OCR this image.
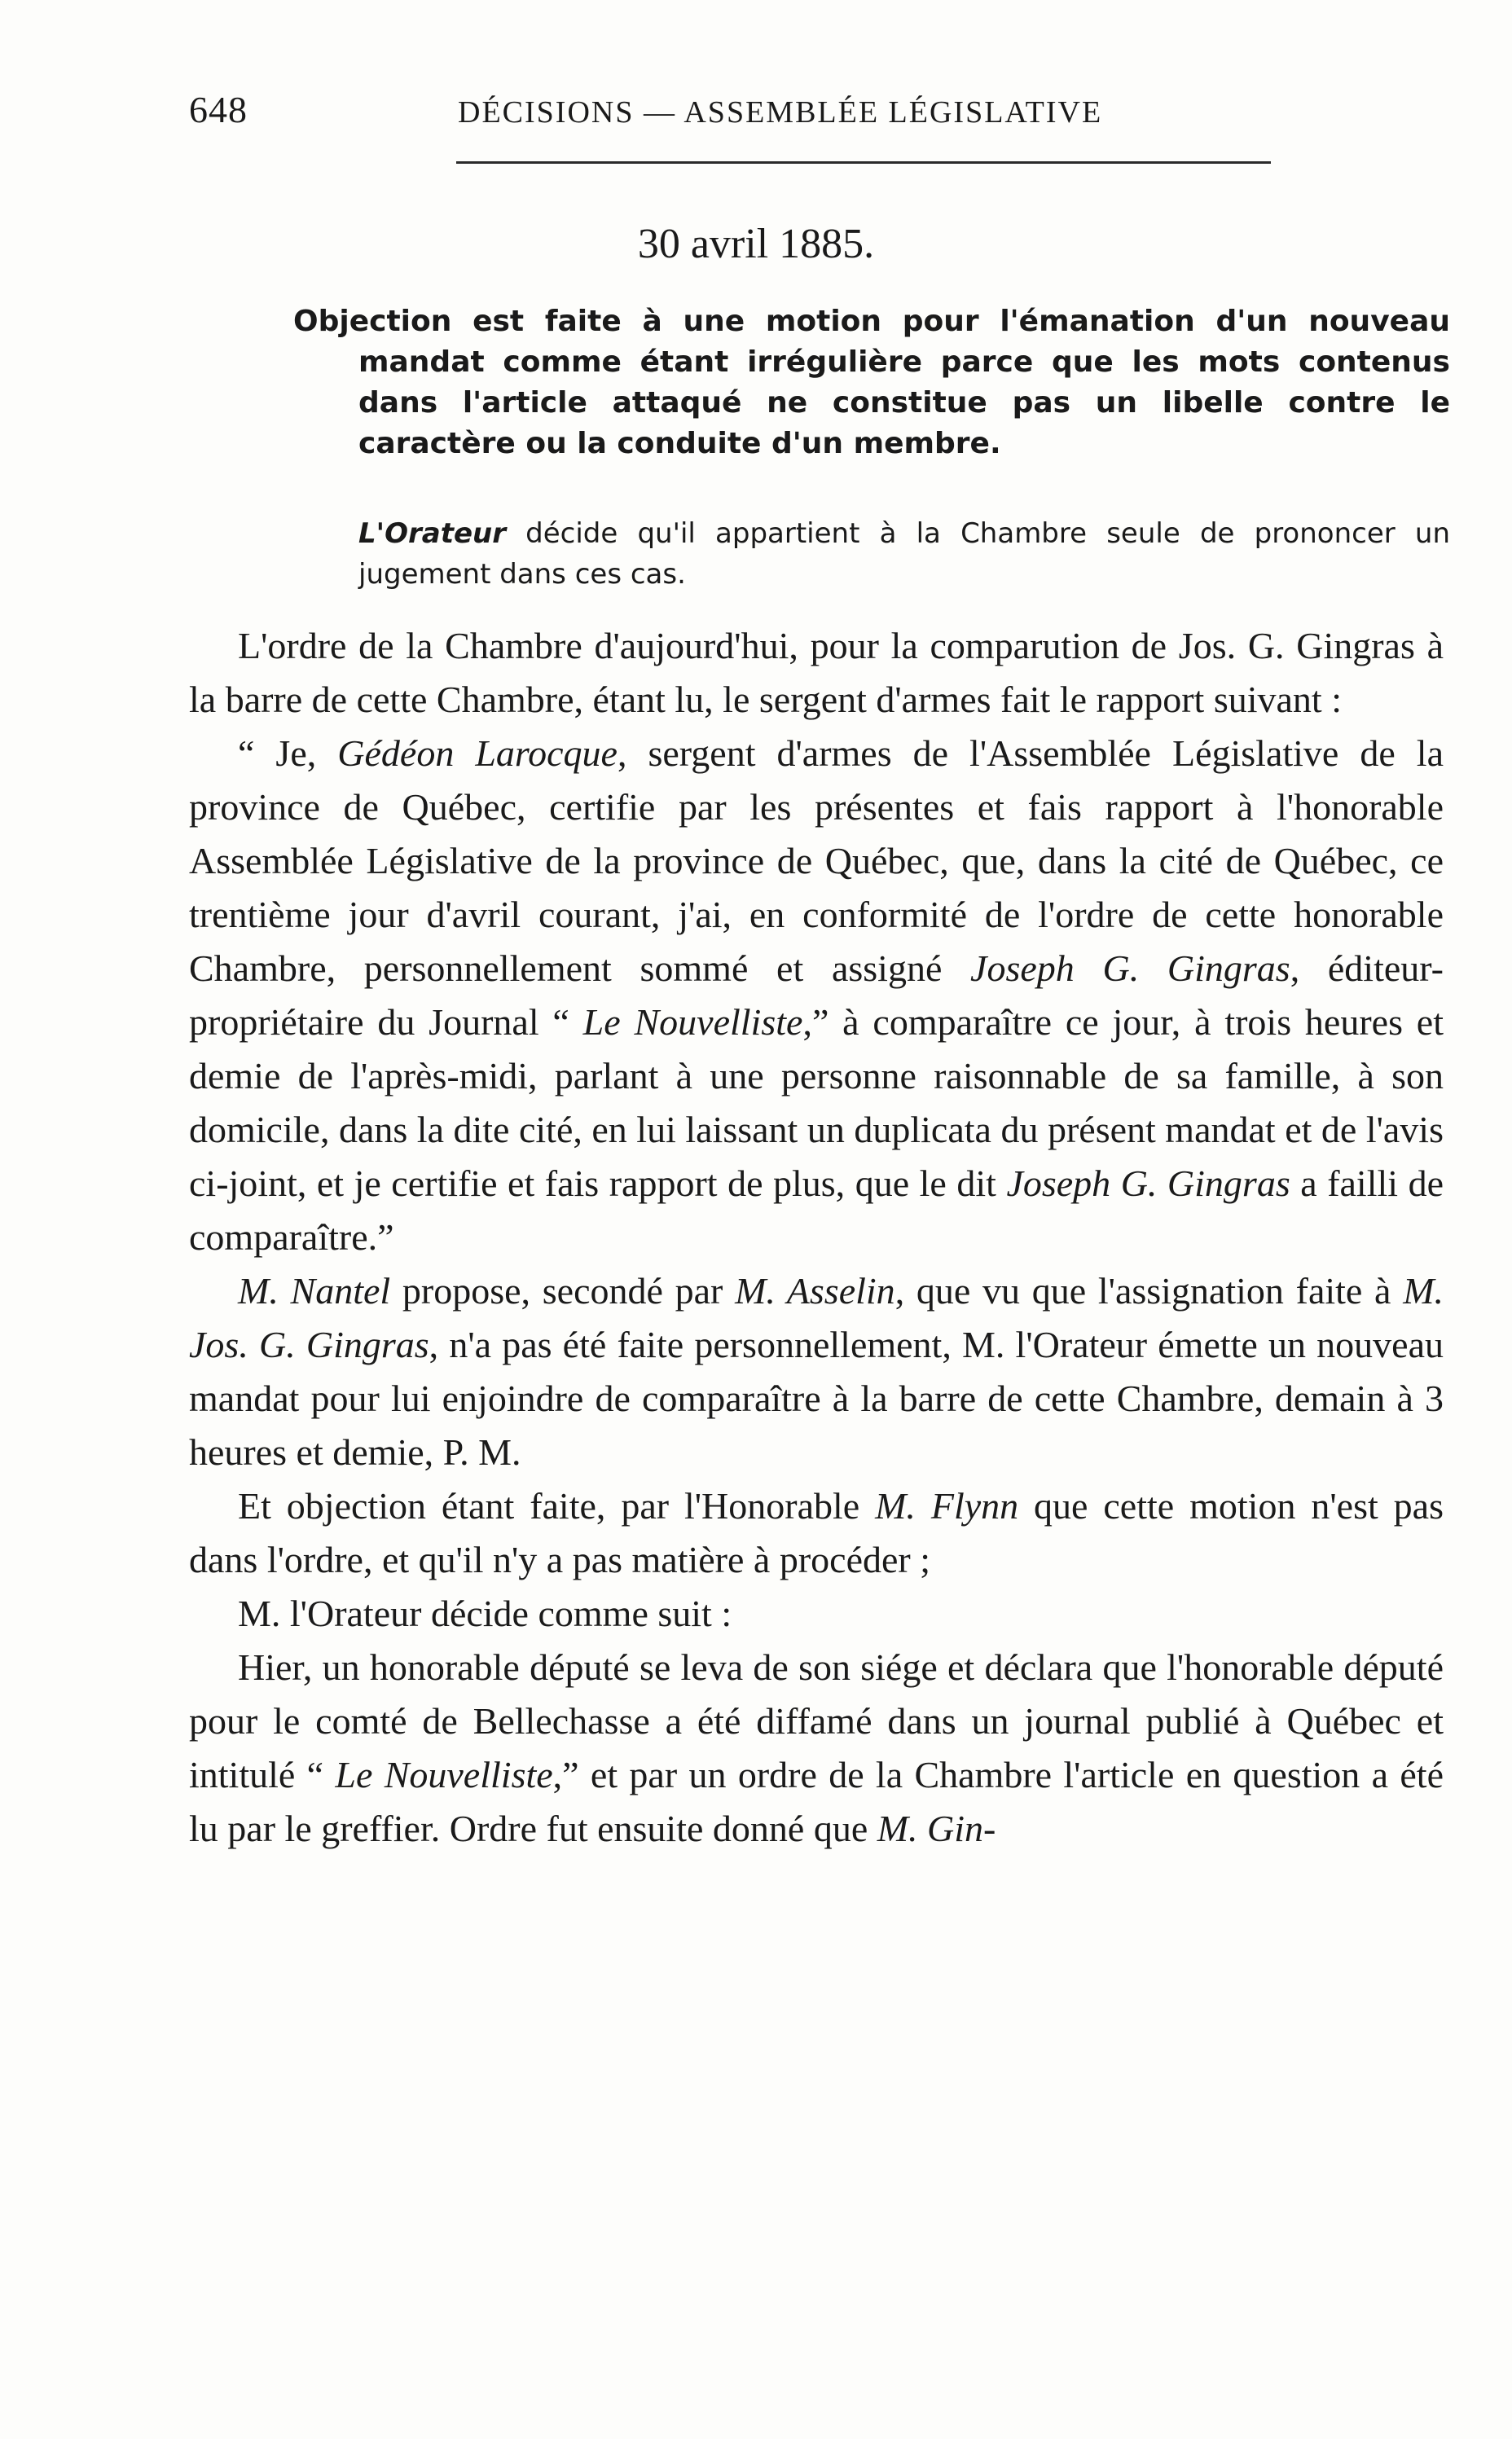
648	DÉCISIONS — ASSEMBLÉE LÉGISLATIVE
30 avril 1885.
Objection est faite à une motion pour l'émanation d'un nouveau mandat comme étant irrégulière parce que les mots contenus dans l'article attaqué ne constitue pas un libelle contre le caractère ou la conduite d'un membre.
L'Orateur décide qu'il appartient à la Chambre seule de prononcer un jugement dans ces cas.

L'ordre de la Chambre d'aujourd'hui, pour la comparution de Jos. G. Gingras à la barre de cette Chambre, étant lu, le sergent d'armes fait le rapport suivant :

“ Je, Gédéon Larocque, sergent d'armes de l'Assemblée Législative de la province de Québec, certifie par les présentes et fais rapport à l'honorable Assemblée Législative de la province de Québec, que, dans la cité de Québec, ce trentième jour d'avril courant, j'ai, en conformité de l'ordre de cette honorable Chambre, personnellement sommé et assigné Joseph G. Gingras, éditeur-propriétaire du Journal “ Le Nouvelliste,” à comparaître ce jour, à trois heures et demie de l'après-midi, parlant à une personne raisonnable de sa famille, à son domicile, dans la dite cité, en lui laissant un duplicata du présent mandat et de l'avis ci-joint, et je certifie et fais rapport de plus, que le dit Joseph G. Gingras a failli de comparaître.”

M. Nantel propose, secondé par M. Asselin, que vu que l'assignation faite à M. Jos. G. Gingras, n'a pas été faite personnellement, M. l'Orateur émette un nouveau mandat pour lui enjoindre de comparaître à la barre de cette Chambre, demain à 3 heures et demie, P. M.

Et objection étant faite, par l'Honorable M. Flynn que cette motion n'est pas dans l'ordre, et qu'il n'y a pas matière à procéder ;

M. l'Orateur décide comme suit :

Hier, un honorable député se leva de son siége et déclara que l'honorable député pour le comté de Bellechasse a été diffamé dans un journal publié à Québec et intitulé “ Le Nouvelliste,” et par un ordre de la Chambre l'article en question a été lu par le greffier. Ordre fut ensuite donné que M. Gin-
